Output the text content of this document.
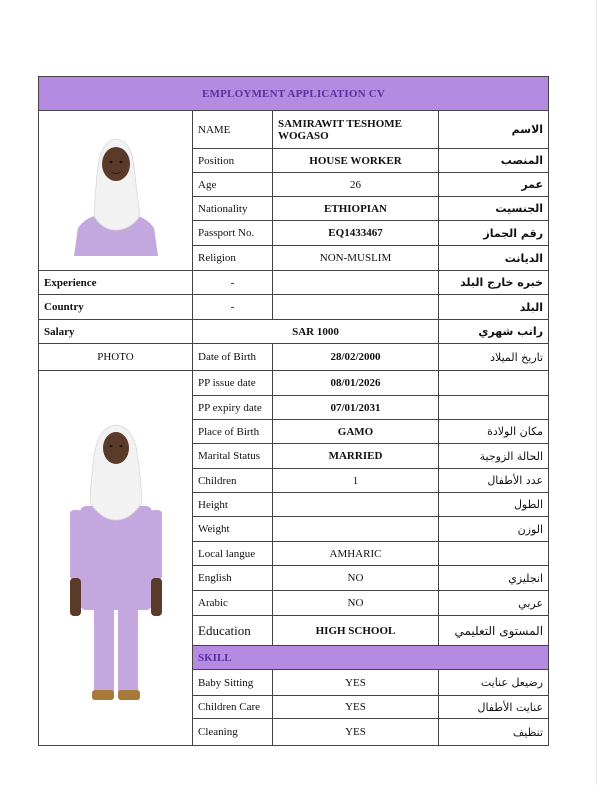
EMPLOYMENT APPLICATION CV			

	NAME	SAMIRAWIT TESHOME WOGASO	الاسم
	Position	HOUSE WORKER	المنصب
	Age	26	عمر
	Nationality	ETHIOPIAN	الجنسيت
	Passport No.	EQ1433467	رقم الجماز
	Religion	NON-MUSLIM	الديانت
Experience	-		خبره خارج البلد
Country	-		البلد
Salary	SAR 1000		راتب شهري
PHOTO	Date of Birth	28/02/2000	تاريخ الميلاد

	PP issue date	08/01/2026	
	PP expiry date	07/01/2031	
	Place of Birth	GAMO	مكان الولادة
	Marital Status	MARRIED	الحالة الزوجية
	Children	1	عدد الأطفال
	Height		الطول
	Weight		الوزن
	Local langue	AMHARIC	
	English	NO	انجليزي
	Arabic	NO	عربي
	Education	HIGH SCHOOL	المستوى التعليمي
	SKILL		
	Baby Sitting	YES	رضيعل عنايت
	Children Care	YES	عنايت الأطفال
	Cleaning	YES	تنظيف
